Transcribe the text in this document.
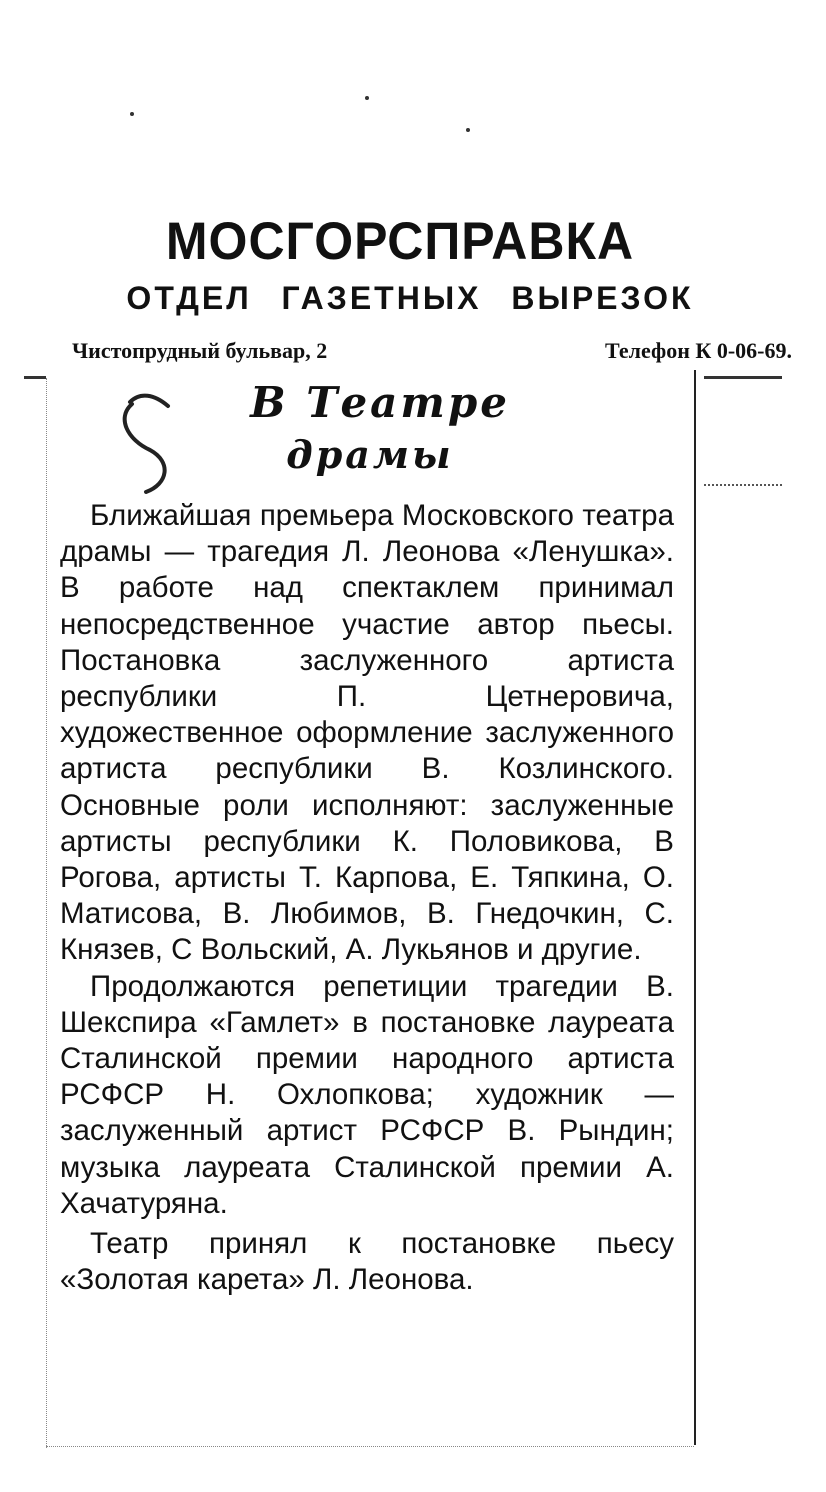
МОСГОРСПРАВКА
ОТДЕЛ ГАЗЕТНЫХ ВЫРЕЗОК
Чистопрудный бульвар, 2	Телефон К 0-06-69.
В Театре
драмы

Ближайшая премьера Московского театра драмы — трагедия Л. Леонова «Ленушка». В работе над спектаклем принимал непосредственное участие автор пьесы. Постановка заслуженного артиста республики П. Цетнеровича, художественное оформление заслуженного артиста республики В. Козлинского. Основные роли исполняют: заслуженные артисты республики К. Половикова, В Рогова, артисты Т. Карпова, Е. Тяпкина, О. Матисова, В. Любимов, В. Гнедочкин, С. Князев, С Вольский, А. Лукьянов и другие.

Продолжаются репетиции трагедии В. Шекспира «Гамлет» в постановке лауреата Сталинской премии народного артиста РСФСР Н. Охлопкова; художник — заслуженный артист РСФСР В. Рындин; музыка лауреата Сталинской премии А. Хачатуряна.

Театр принял к постановке пьесу «Золотая карета» Л. Леонова.
